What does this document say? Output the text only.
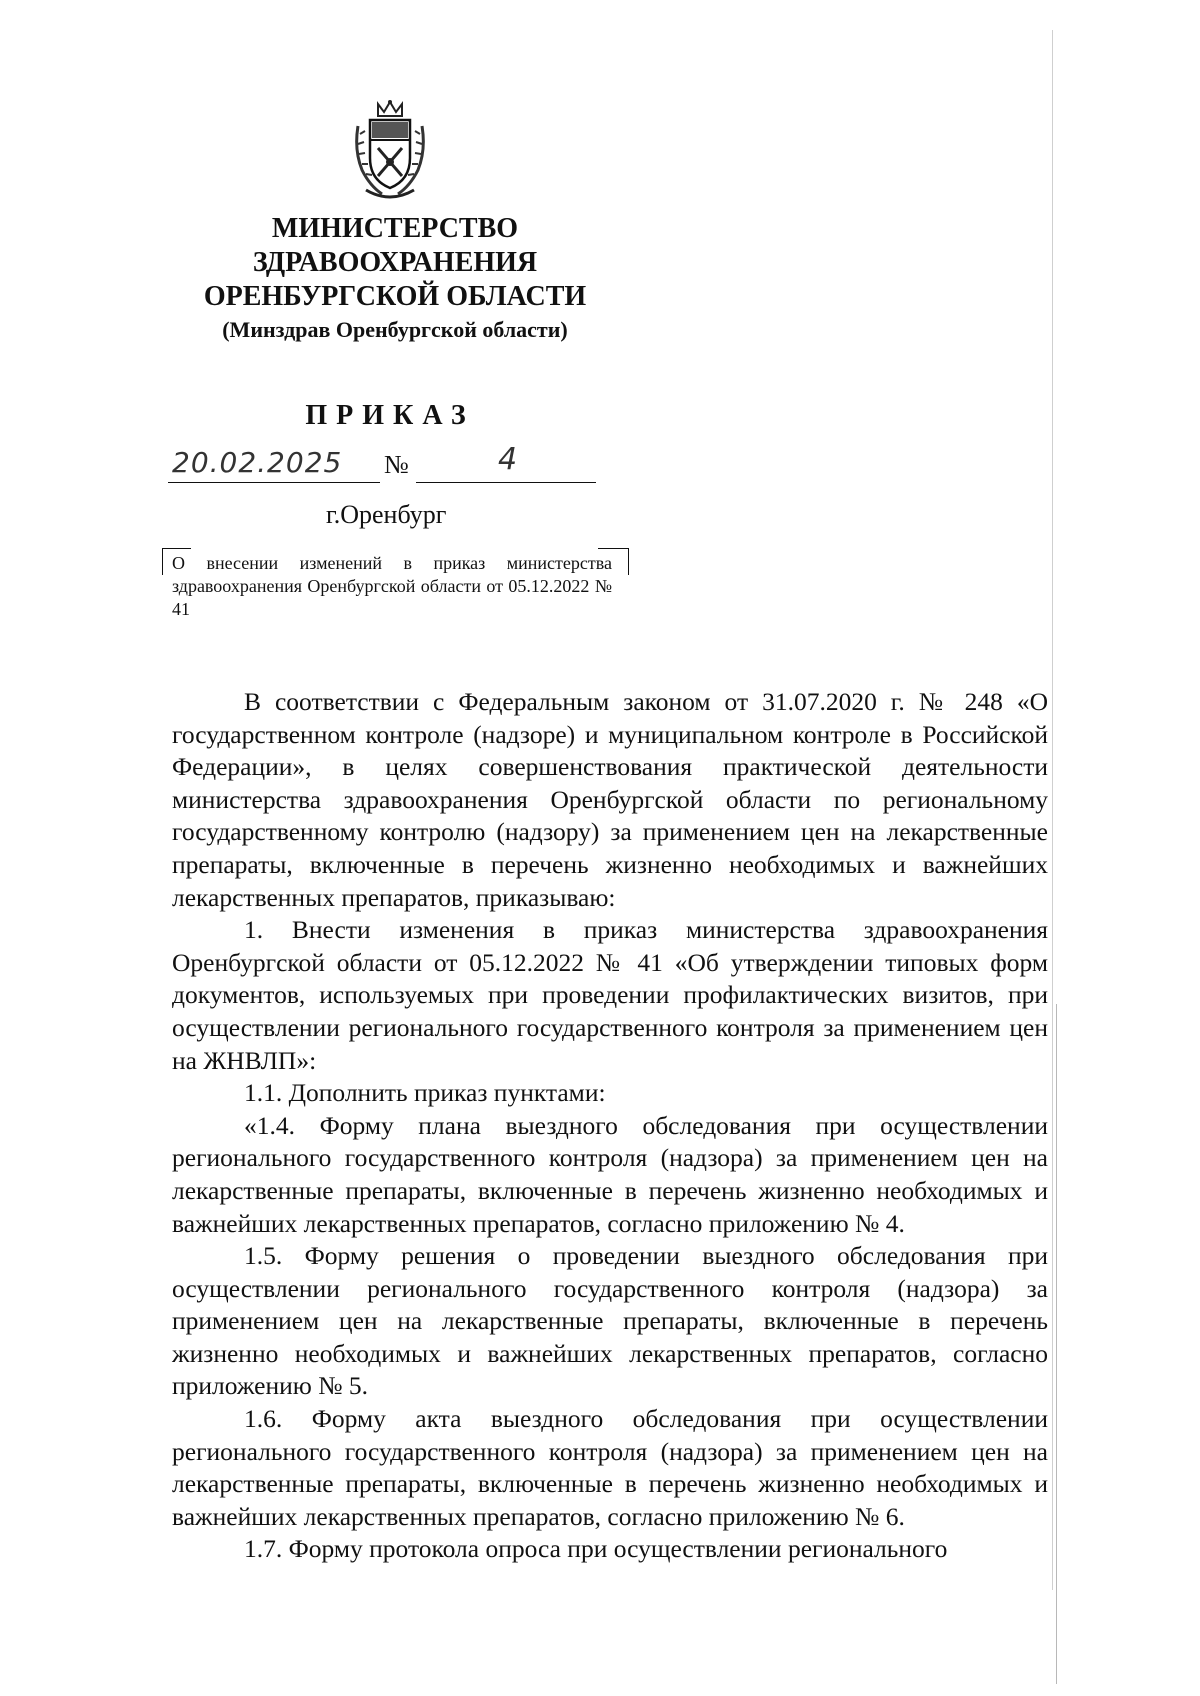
МИНИСТЕРСТВО
ЗДРАВООХРАНЕНИЯ
ОРЕНБУРГСКОЙ ОБЛАСТИ
(Минздрав Оренбургской области)
ПРИКАЗ
20.02.2025 №	4
г.Оренбург
О внесении изменений в приказ министерства здравоохранения Оренбургской области от 05.12.2022 № 41

В соответствии с Федеральным законом от 31.07.2020 г. № 248 «О государственном контроле (надзоре) и муниципальном контроле в Российской Федерации», в целях совершенствования практической деятельности министерства здравоохранения Оренбургской области по региональному государственному контролю (надзору) за применением цен на лекарственные препараты, включенные в перечень жизненно необходимых и важнейших лекарственных препаратов, приказываю:

1. Внести изменения в приказ министерства здравоохранения Оренбургской области от 05.12.2022 № 41 «Об утверждении типовых форм документов, используемых при проведении профилактических визитов, при осуществлении регионального государственного контроля за применением цен на ЖНВЛП»:

1.1. Дополнить приказ пунктами:

«1.4. Форму плана выездного обследования при осуществлении регионального государственного контроля (надзора) за применением цен на лекарственные препараты, включенные в перечень жизненно необходимых и важнейших лекарственных препаратов, согласно приложению № 4.

1.5. Форму решения о проведении выездного обследования при осуществлении регионального государственного контроля (надзора) за применением цен на лекарственные препараты, включенные в перечень жизненно необходимых и важнейших лекарственных препаратов, согласно приложению № 5.

1.6. Форму акта выездного обследования при осуществлении регионального государственного контроля (надзора) за применением цен на лекарственные препараты, включенные в перечень жизненно необходимых и важнейших лекарственных препаратов, согласно приложению № 6.

1.7. Форму протокола опроса при осуществлении регионального
